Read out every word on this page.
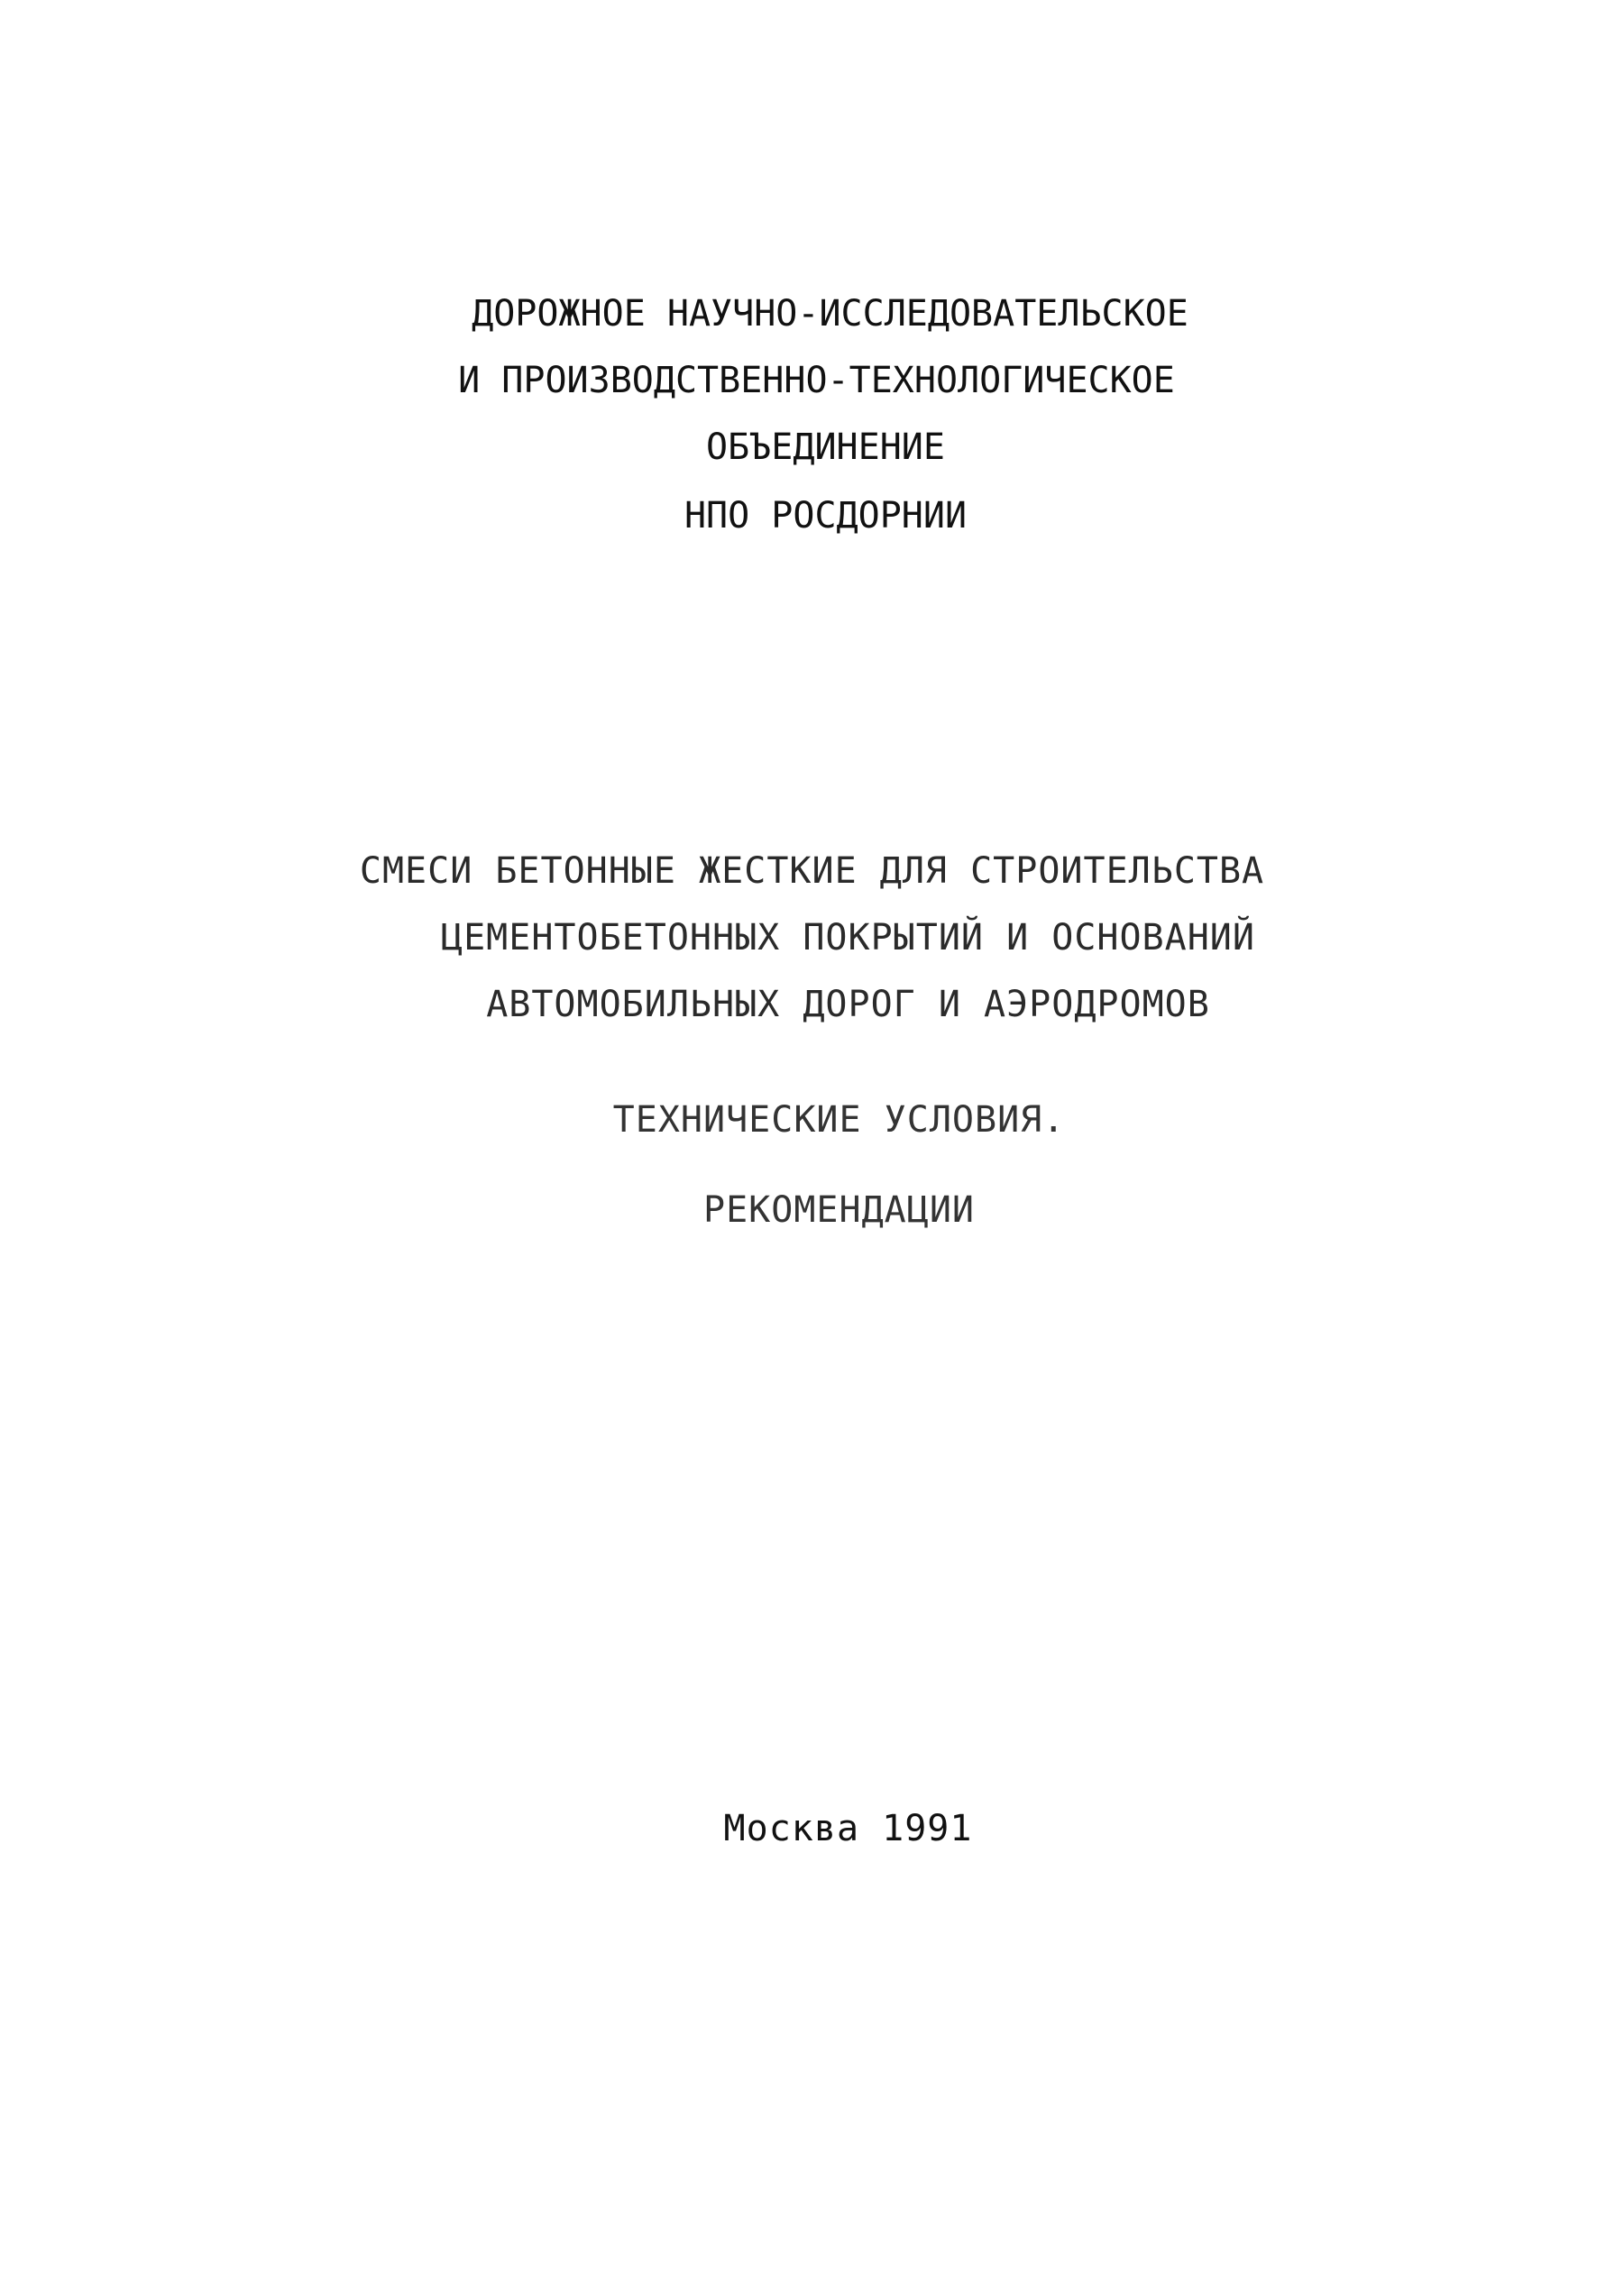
ДОРОЖНОЕ НАУЧНО-ИССЛЕДОВАТЕЛЬСКОЕ
И ПРОИЗВОДСТВЕННО-ТЕХНОЛОГИЧЕСКОЕ
ОБЪЕДИНЕНИЕ
НПО РОСДОРНИИ
СМЕСИ БЕТОННЫЕ ЖЕСТКИЕ ДЛЯ СТРОИТЕЛЬСТВА
ЦЕМЕНТОБЕТОННЫХ ПОКРЫТИЙ И ОСНОВАНИЙ
АВТОМОБИЛЬНЫХ ДОРОГ И АЭРОДРОМОВ
ТЕХНИЧЕСКИЕ УСЛОВИЯ.
РЕКОМЕНДАЦИИ
Москва 1991
